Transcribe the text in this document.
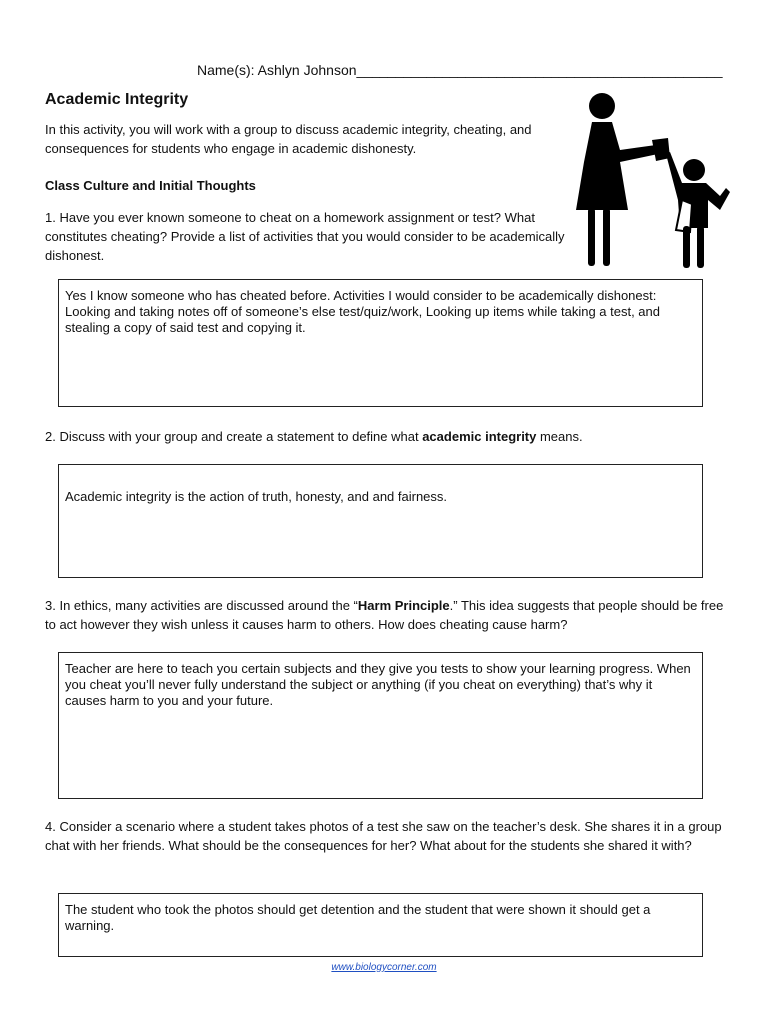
Name(s): Ashlyn Johnson_______________________________________________
Academic Integrity
In this activity, you will work with a group to discuss academic integrity, cheating, and consequences for students who engage in academic dishonesty.
Class Culture and Initial Thoughts
1. Have you ever known someone to cheat on a homework assignment or test? What constitutes cheating? Provide a list of activities that you would consider to be academically dishonest.
Yes I know someone who has cheated before. Activities I would consider to be academically dishonest: Looking and taking notes off of someone’s else test/quiz/work, Looking up items while taking a test, and stealing a copy of said test and copying it.
2. Discuss with your group and create a statement to define what academic integrity means.
Academic integrity is the action of truth, honesty, and and fairness.
3. In ethics, many activities are discussed around the “Harm Principle.” This idea suggests that people should be free to act however they wish unless it causes harm to others. How does cheating cause harm?
Teacher are here to teach you certain subjects and they give you tests to show your learning progress. When you cheat you’ll never fully understand the subject or anything (if you cheat on everything) that’s why it causes harm to you and your future.
4. Consider a scenario where a student takes photos of a test she saw on the teacher’s desk. She shares it in a group chat with her friends. What should be the consequences for her? What about for the students she shared it with?
The student who took the photos should get detention and the student that were shown it should get a warning.
www.biologycorner.com
